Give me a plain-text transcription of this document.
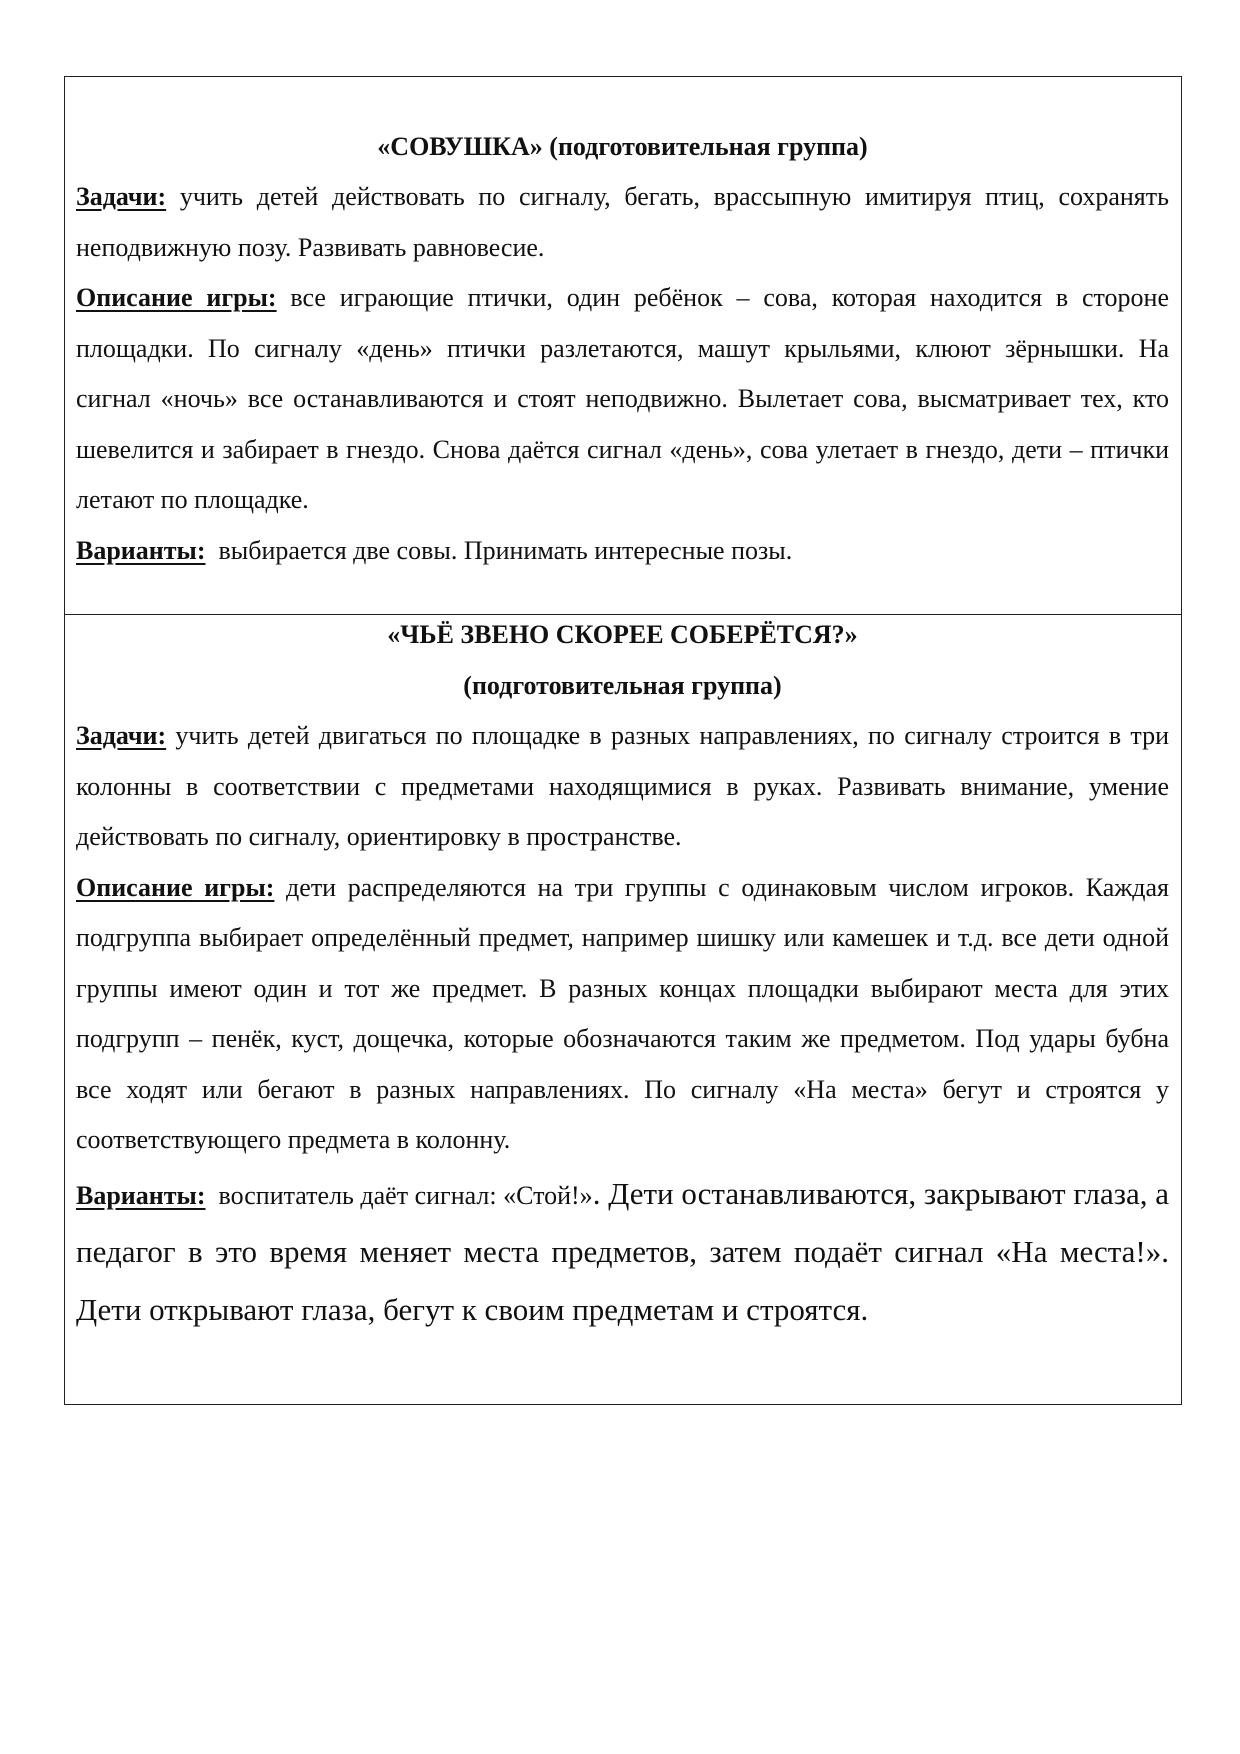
«СОВУШКА» (подготовительная группа)

Задачи: учить детей действовать по сигналу, бегать, врассыпную имитируя птиц, сохранять неподвижную позу. Развивать равновесие.

Описание игры: все играющие птички, один ребёнок – сова, которая находится в стороне площадки. По сигналу «день» птички разлетаются, машут крыльями, клюют зёрнышки. На сигнал «ночь» все останавливаются и стоят неподвижно. Вылетает сова, высматривает тех, кто шевелится и забирает в гнездо. Снова даётся сигнал «день», сова улетает в гнездо, дети – птички летают по площадке.

Варианты:  выбирается две совы. Принимать интересные позы.

«ЧЬЁ ЗВЕНО СКОРЕЕ СОБЕРЁТСЯ?»
(подготовительная группа)

Задачи: учить детей двигаться по площадке в разных направлениях, по сигналу строится в три колонны в соответствии с предметами находящимися в руках. Развивать внимание, умение действовать по сигналу, ориентировку в пространстве.

Описание игры: дети распределяются на три группы с одинаковым числом игроков. Каждая подгруппа выбирает определённый предмет, например шишку или камешек и т.д. все дети одной группы имеют один и тот же предмет. В разных концах площадки выбирают места для этих подгрупп – пенёк, куст, дощечка, которые обозначаются таким же предметом. Под удары бубна все ходят или бегают в разных направлениях. По сигналу «На места» бегут и строятся у соответствующего предмета в колонну.

Варианты:  воспитатель даёт сигнал: «Стой!». Дети останавливаются, закрывают глаза, а педагог в это время меняет места предметов, затем подаёт сигнал «На места!». Дети открывают глаза, бегут к своим предметам и строятся.
